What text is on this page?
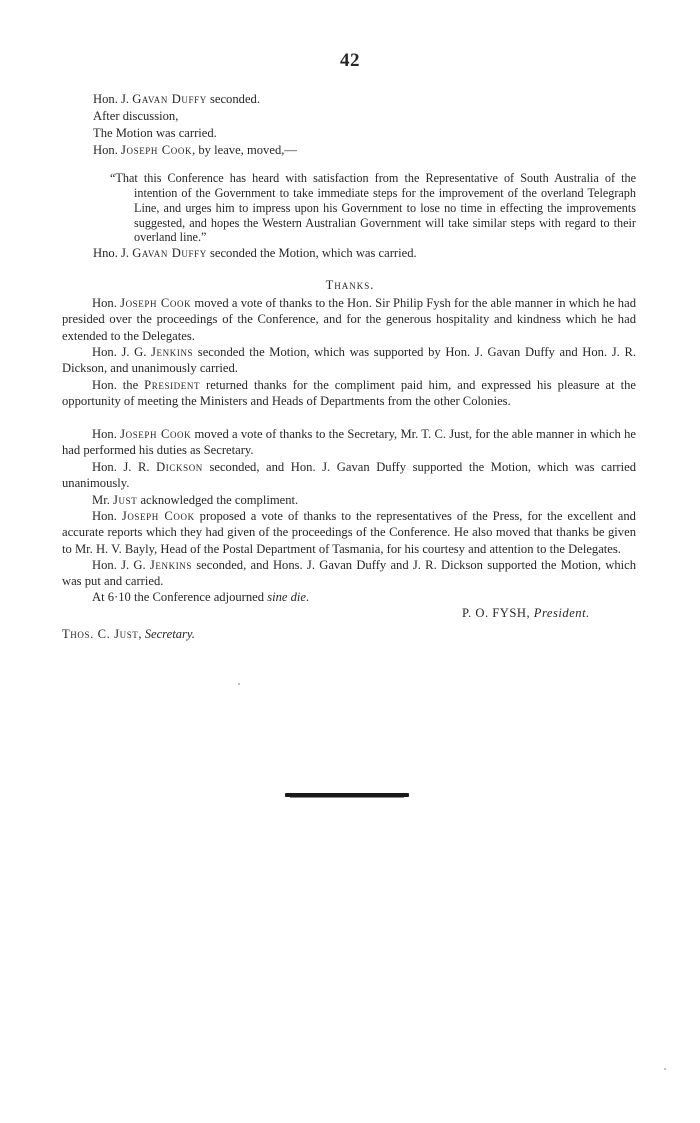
42

Hon. J. Gavan Duffy seconded.

After discussion,

The Motion was carried.

Hon. Joseph Cook, by leave, moved,—

“That this Conference has heard with satisfaction from the Representative of South Australia of the intention of the Government to take immediate steps for the improvement of the overland Telegraph Line, and urges him to impress upon his Government to lose no time in effecting the improvements suggested, and hopes the Western Australian Government will take similar steps with regard to their overland line.”

Hno. J. Gavan Duffy seconded the Motion, which was carried.

Thanks.

Hon. Joseph Cook moved a vote of thanks to the Hon. Sir Philip Fysh for the able manner in which he had presided over the proceedings of the Conference, and for the generous hospitality and kindness which he had extended to the Delegates.

Hon. J. G. Jenkins seconded the Motion, which was supported by Hon. J. Gavan Duffy and Hon. J. R. Dickson, and unanimously carried.

Hon. the President returned thanks for the compliment paid him, and expressed his pleasure at the opportunity of meeting the Ministers and Heads of Departments from the other Colonies.

Hon. Joseph Cook moved a vote of thanks to the Secretary, Mr. T. C. Just, for the able manner in which he had performed his duties as Secretary.

Hon. J. R. Dickson seconded, and Hon. J. Gavan Duffy supported the Motion, which was carried unanimously.

Mr. Just acknowledged the compliment.

Hon. Joseph Cook proposed a vote of thanks to the representatives of the Press, for the excellent and accurate reports which they had given of the proceedings of the Conference. He also moved that thanks be given to Mr. H. V. Bayly, Head of the Postal Department of Tasmania, for his courtesy and attention to the Delegates.

Hon. J. G. Jenkins seconded, and Hons. J. Gavan Duffy and J. R. Dickson supported the Motion, which was put and carried.

At 6·10 the Conference adjourned sine die.

P. O. FYSH, President.
Thos. C. Just, Secretary.
